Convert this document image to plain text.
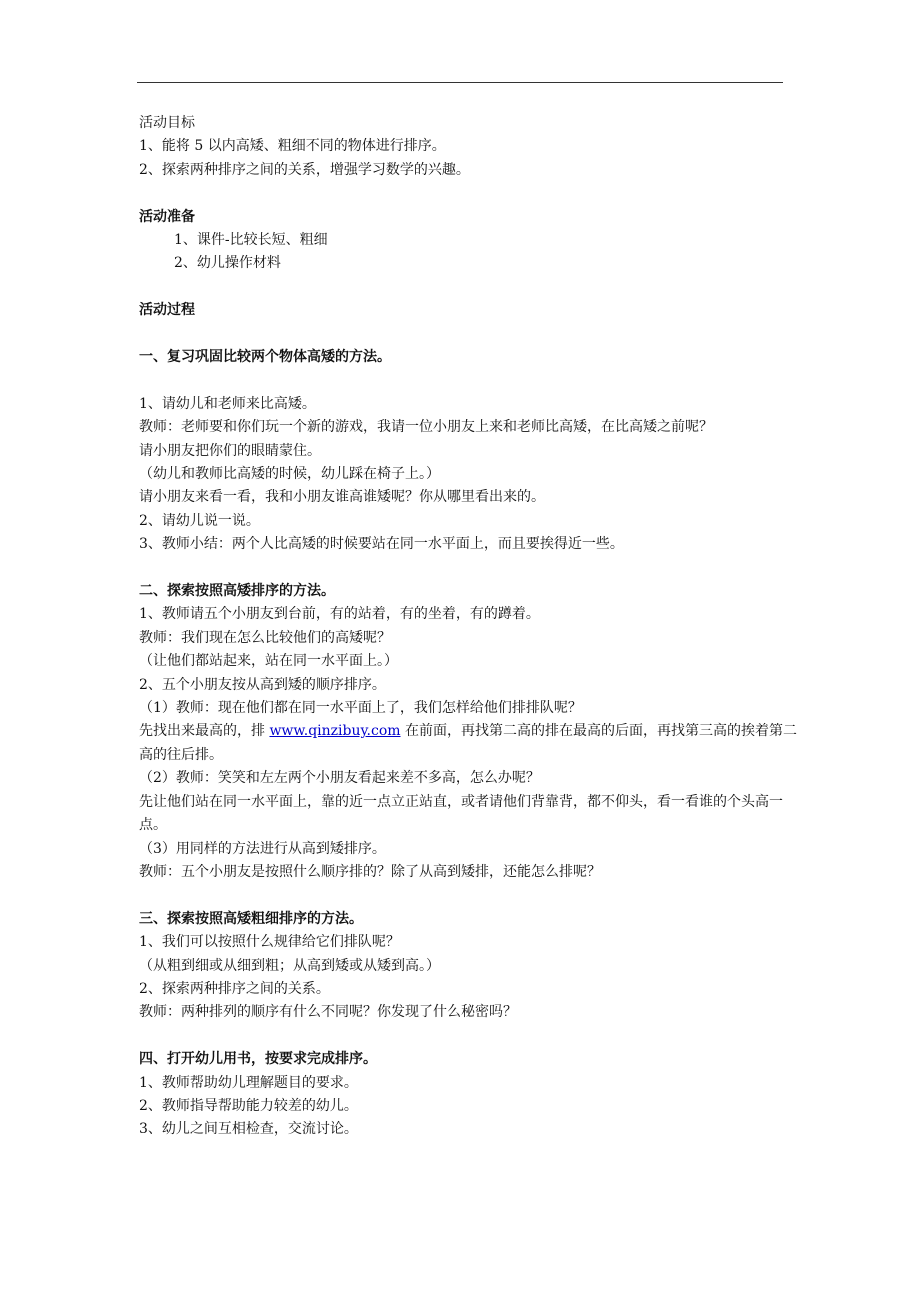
活动目标

1、能将 5 以内高矮、粗细不同的物体进行排序。

2、探索两种排序之间的关系，增强学习数学的兴趣。

活动准备

1、课件-比较长短、粗细

2、幼儿操作材料

活动过程

一、复习巩固比较两个物体高矮的方法。

1、请幼儿和老师来比高矮。

教师：老师要和你们玩一个新的游戏，我请一位小朋友上来和老师比高矮，在比高矮之前呢？

请小朋友把你们的眼睛蒙住。

（幼儿和教师比高矮的时候，幼儿踩在椅子上。）

请小朋友来看一看，我和小朋友谁高谁矮呢？你从哪里看出来的。

2、请幼儿说一说。

3、教师小结：两个人比高矮的时候要站在同一水平面上，而且要挨得近一些。

二、探索按照高矮排序的方法。

1、教师请五个小朋友到台前，有的站着，有的坐着，有的蹲着。

教师：我们现在怎么比较他们的高矮呢？

（让他们都站起来，站在同一水平面上。）

2、五个小朋友按从高到矮的顺序排序。

（1）教师：现在他们都在同一水平面上了，我们怎样给他们排排队呢？

先找出来最高的，排 www.qinzibuy.com 在前面，再找第二高的排在最高的后面，再找第三高的挨着第二高的往后排。

（2）教师：笑笑和左左两个小朋友看起来差不多高，怎么办呢？

先让他们站在同一水平面上，靠的近一点立正站直，或者请他们背靠背，都不仰头，看一看谁的个头高一点。

（3）用同样的方法进行从高到矮排序。

教师：五个小朋友是按照什么顺序排的？除了从高到矮排，还能怎么排呢？

三、探索按照高矮粗细排序的方法。

1、我们可以按照什么规律给它们排队呢？

（从粗到细或从细到粗；从高到矮或从矮到高。）

2、探索两种排序之间的关系。

教师：两种排列的顺序有什么不同呢？你发现了什么秘密吗？

四、打开幼儿用书，按要求完成排序。

1、教师帮助幼儿理解题目的要求。

2、教师指导帮助能力较差的幼儿。

3、幼儿之间互相检查，交流讨论。
